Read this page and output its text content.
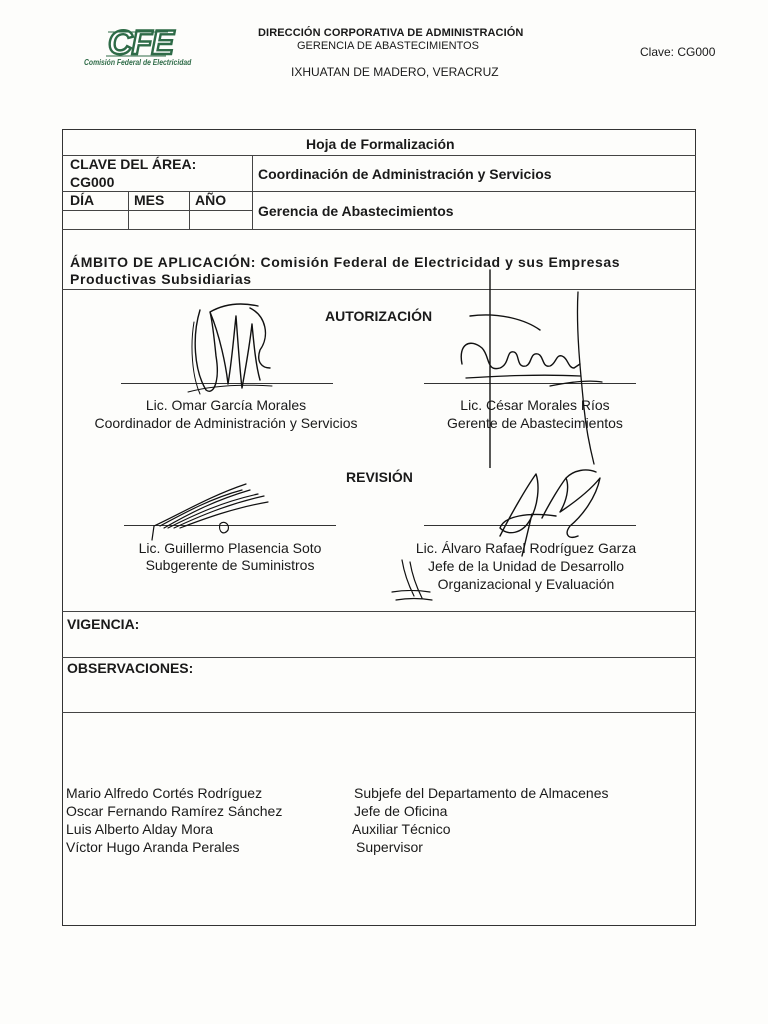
CFE
Comisión Federal de Electricidad
DIRECCIÓN CORPORATIVA DE ADMINISTRACIÓN
GERENCIA DE ABASTECIMIENTOS
IXHUATAN DE MADERO, VERACRUZ
Clave: CG000
Hoja de Formalización
CLAVE DEL ÁREA:
CG000	Coordinación de Administración y Servicios
DÍA	MES AÑO
Gerencia de Abastecimientos
ÁMBITO DE APLICACIÓN: Comisión Federal de Electricidad y sus Empresas
Productivas Subsidiarias
AUTORIZACIÓN
REVISIÓN
VIGENCIA:
OBSERVACIONES:
Lic. Omar García Morales
Coordinador de Administración y Servicios
Lic. César Morales Ríos
Gerente de Abastecimientos
Lic. Guillermo Plasencia Soto
Subgerente de Suministros
Lic. Álvaro Rafael Rodríguez Garza
Jefe de la Unidad de Desarrollo
Organizacional y Evaluación
Mario Alfredo Cortés Rodríguez	Subjefe del Departamento de Almacenes
Oscar Fernando Ramírez Sánchez	Jefe de Oficina
Luis Alberto Alday Mora	Auxiliar Técnico
Víctor Hugo Aranda Perales	Supervisor
